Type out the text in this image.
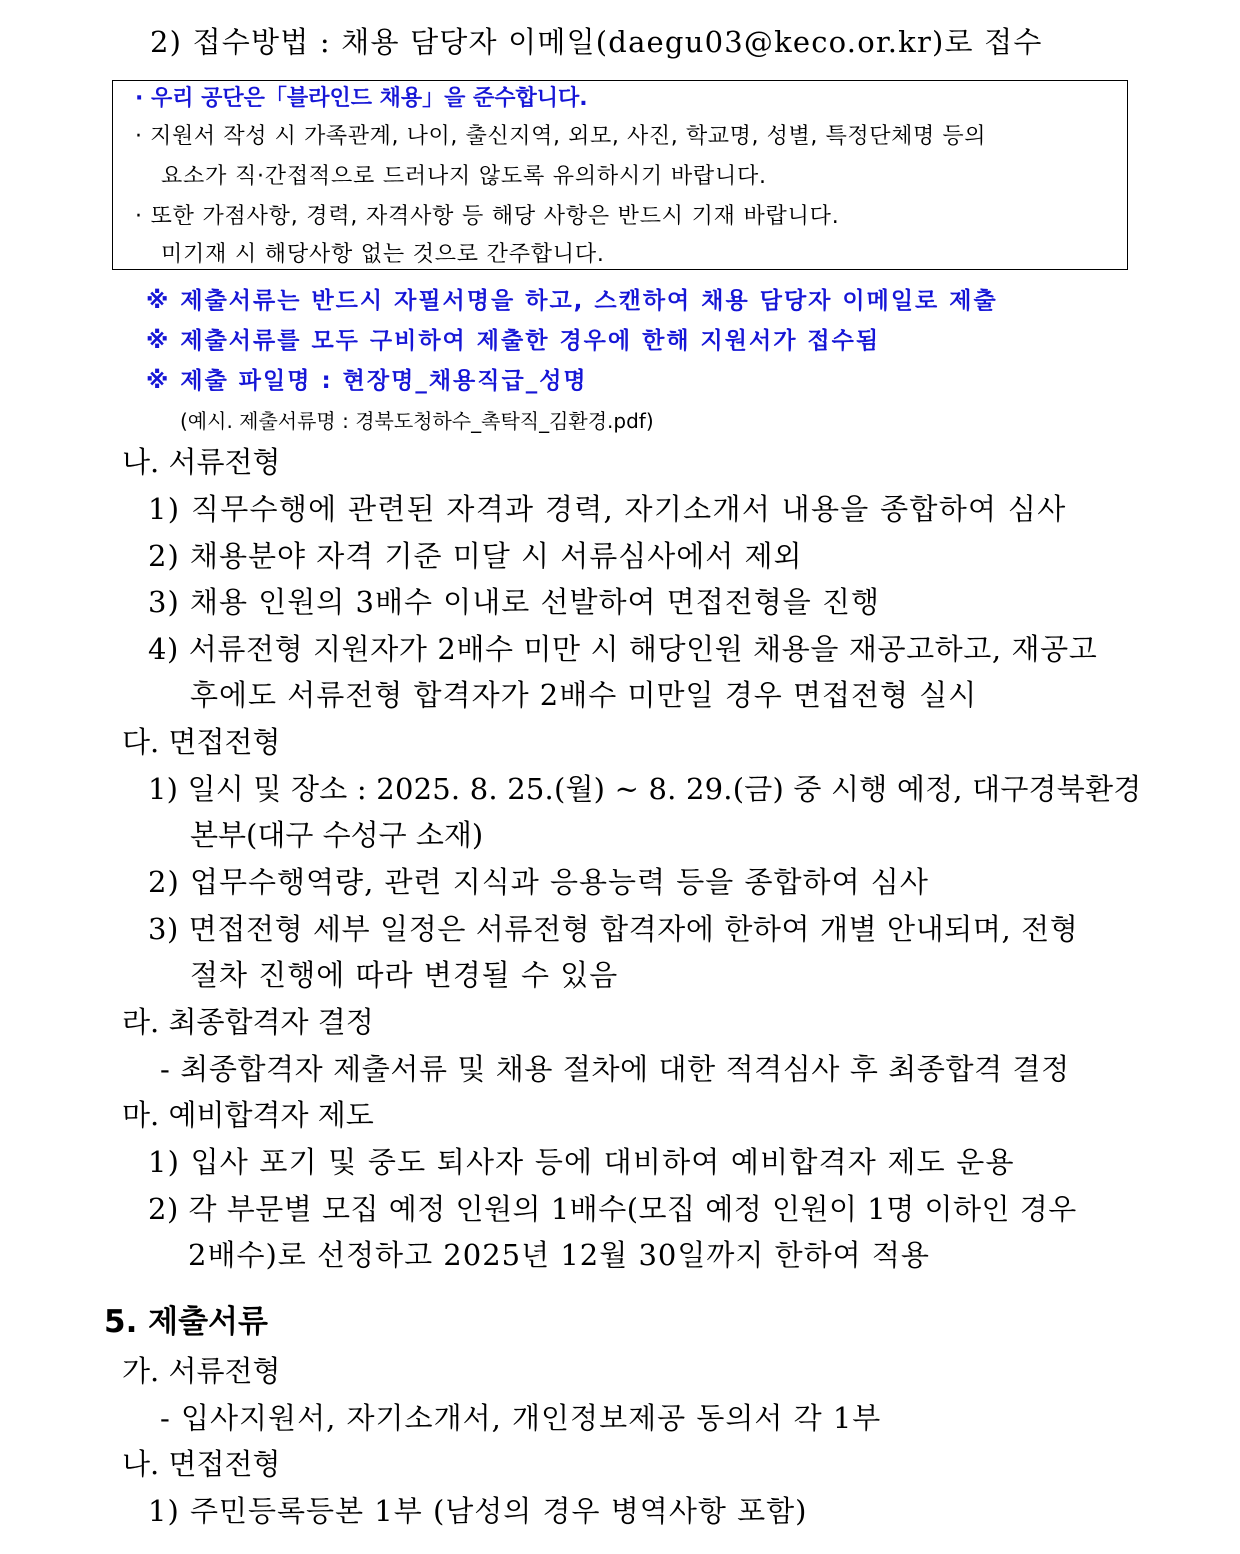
2) 접수방법 : 채용 담당자 이메일(daegu03@keco.or.kr)로 접수
· 우리 공단은「블라인드 채용」을 준수합니다.
· 지원서 작성 시 가족관계, 나이, 출신지역, 외모, 사진, 학교명, 성별, 특정단체명 등의
요소가 직·간접적으로 드러나지 않도록 유의하시기 바랍니다.
· 또한 가점사항, 경력, 자격사항 등 해당 사항은 반드시 기재 바랍니다.
미기재 시 해당사항 없는 것으로 간주합니다.
※ 제출서류는 반드시 자필서명을 하고, 스캔하여 채용 담당자 이메일로 제출
※ 제출서류를 모두 구비하여 제출한 경우에 한해 지원서가 접수됨
※ 제출 파일명 : 현장명_채용직급_성명
(예시. 제출서류명 : 경북도청하수_촉탁직_김환경.pdf)
나. 서류전형
1) 직무수행에 관련된 자격과 경력, 자기소개서 내용을 종합하여 심사
2) 채용분야 자격 기준 미달 시 서류심사에서 제외
3) 채용 인원의 3배수 이내로 선발하여 면접전형을 진행
4) 서류전형 지원자가 2배수 미만 시 해당인원 채용을 재공고하고, 재공고
후에도 서류전형 합격자가 2배수 미만일 경우 면접전형 실시
다. 면접전형
1) 일시 및 장소 : 2025. 8. 25.(월) ~ 8. 29.(금) 중 시행 예정, 대구경북환경
본부(대구 수성구 소재)
2) 업무수행역량, 관련 지식과 응용능력 등을 종합하여 심사
3) 면접전형 세부 일정은 서류전형 합격자에 한하여 개별 안내되며, 전형
절차 진행에 따라 변경될 수 있음
라. 최종합격자 결정
- 최종합격자 제출서류 및 채용 절차에 대한 적격심사 후 최종합격 결정
마. 예비합격자 제도
1) 입사 포기 및 중도 퇴사자 등에 대비하여 예비합격자 제도 운용
2) 각 부문별 모집 예정 인원의 1배수(모집 예정 인원이 1명 이하인 경우
2배수)로 선정하고 2025년 12월 30일까지 한하여 적용
5. 제출서류
가. 서류전형
- 입사지원서, 자기소개서, 개인정보제공 동의서 각 1부
나. 면접전형
1) 주민등록등본 1부 (남성의 경우 병역사항 포함)
